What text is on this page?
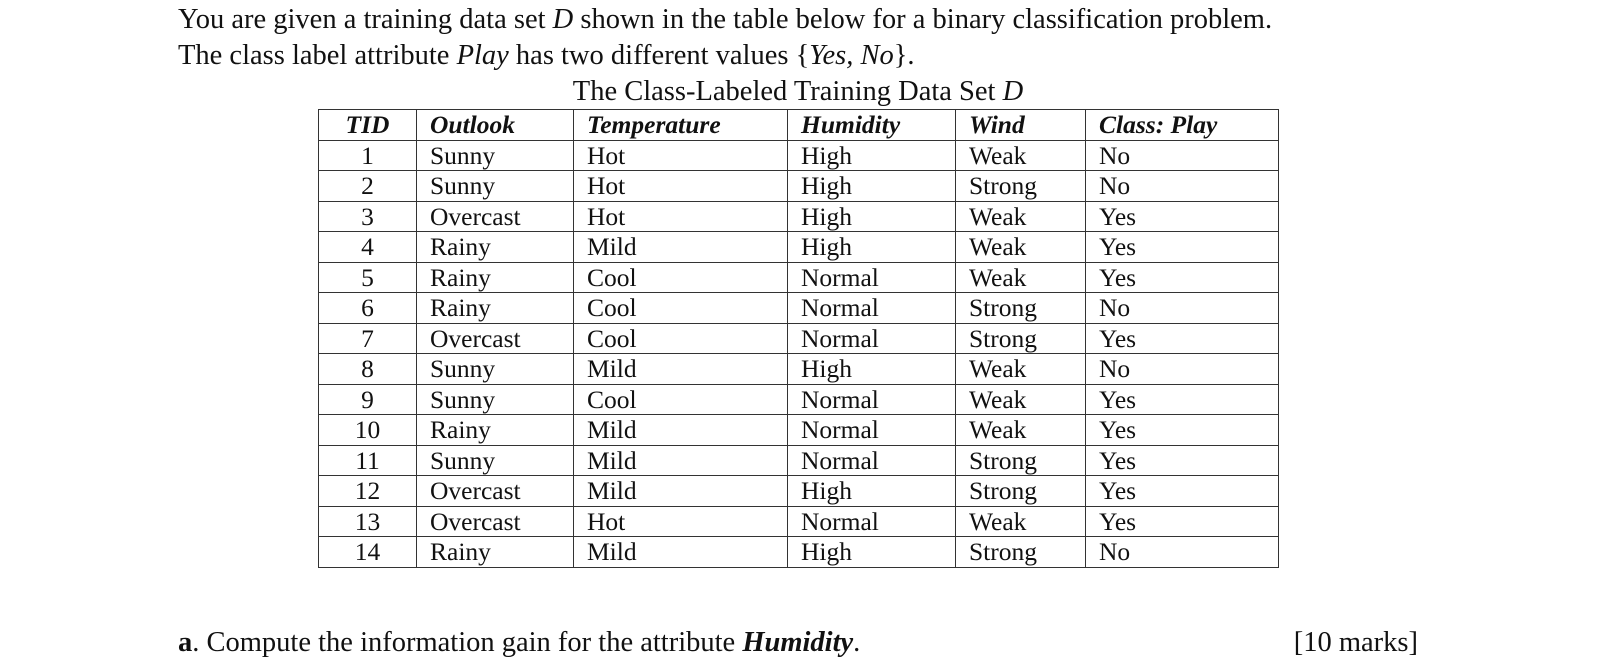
You are given a training data set D shown in the table below for a binary classification problem.
The class label attribute Play has two different values {Yes, No}.
The Class-Labeled Training Data Set D
TID	Outlook	Temperature	Humidity	Wind	Class: Play
1	Sunny	Hot	High	Weak	No
2	Sunny	Hot	High	Strong	No
3	Overcast	Hot	High	Weak	Yes
4	Rainy	Mild	High	Weak	Yes
5	Rainy	Cool	Normal	Weak	Yes
6	Rainy	Cool	Normal	Strong	No
7	Overcast	Cool	Normal	Strong	Yes
8	Sunny	Mild	High	Weak	No
9	Sunny	Cool	Normal	Weak	Yes
10	Rainy	Mild	Normal	Weak	Yes
11	Sunny	Mild	Normal	Strong	Yes
12	Overcast	Mild	High	Strong	Yes
13	Overcast	Hot	Normal	Weak	Yes
14	Rainy	Mild	High	Strong	No
a. Compute the information gain for the attribute Humidity.	[10 marks]
